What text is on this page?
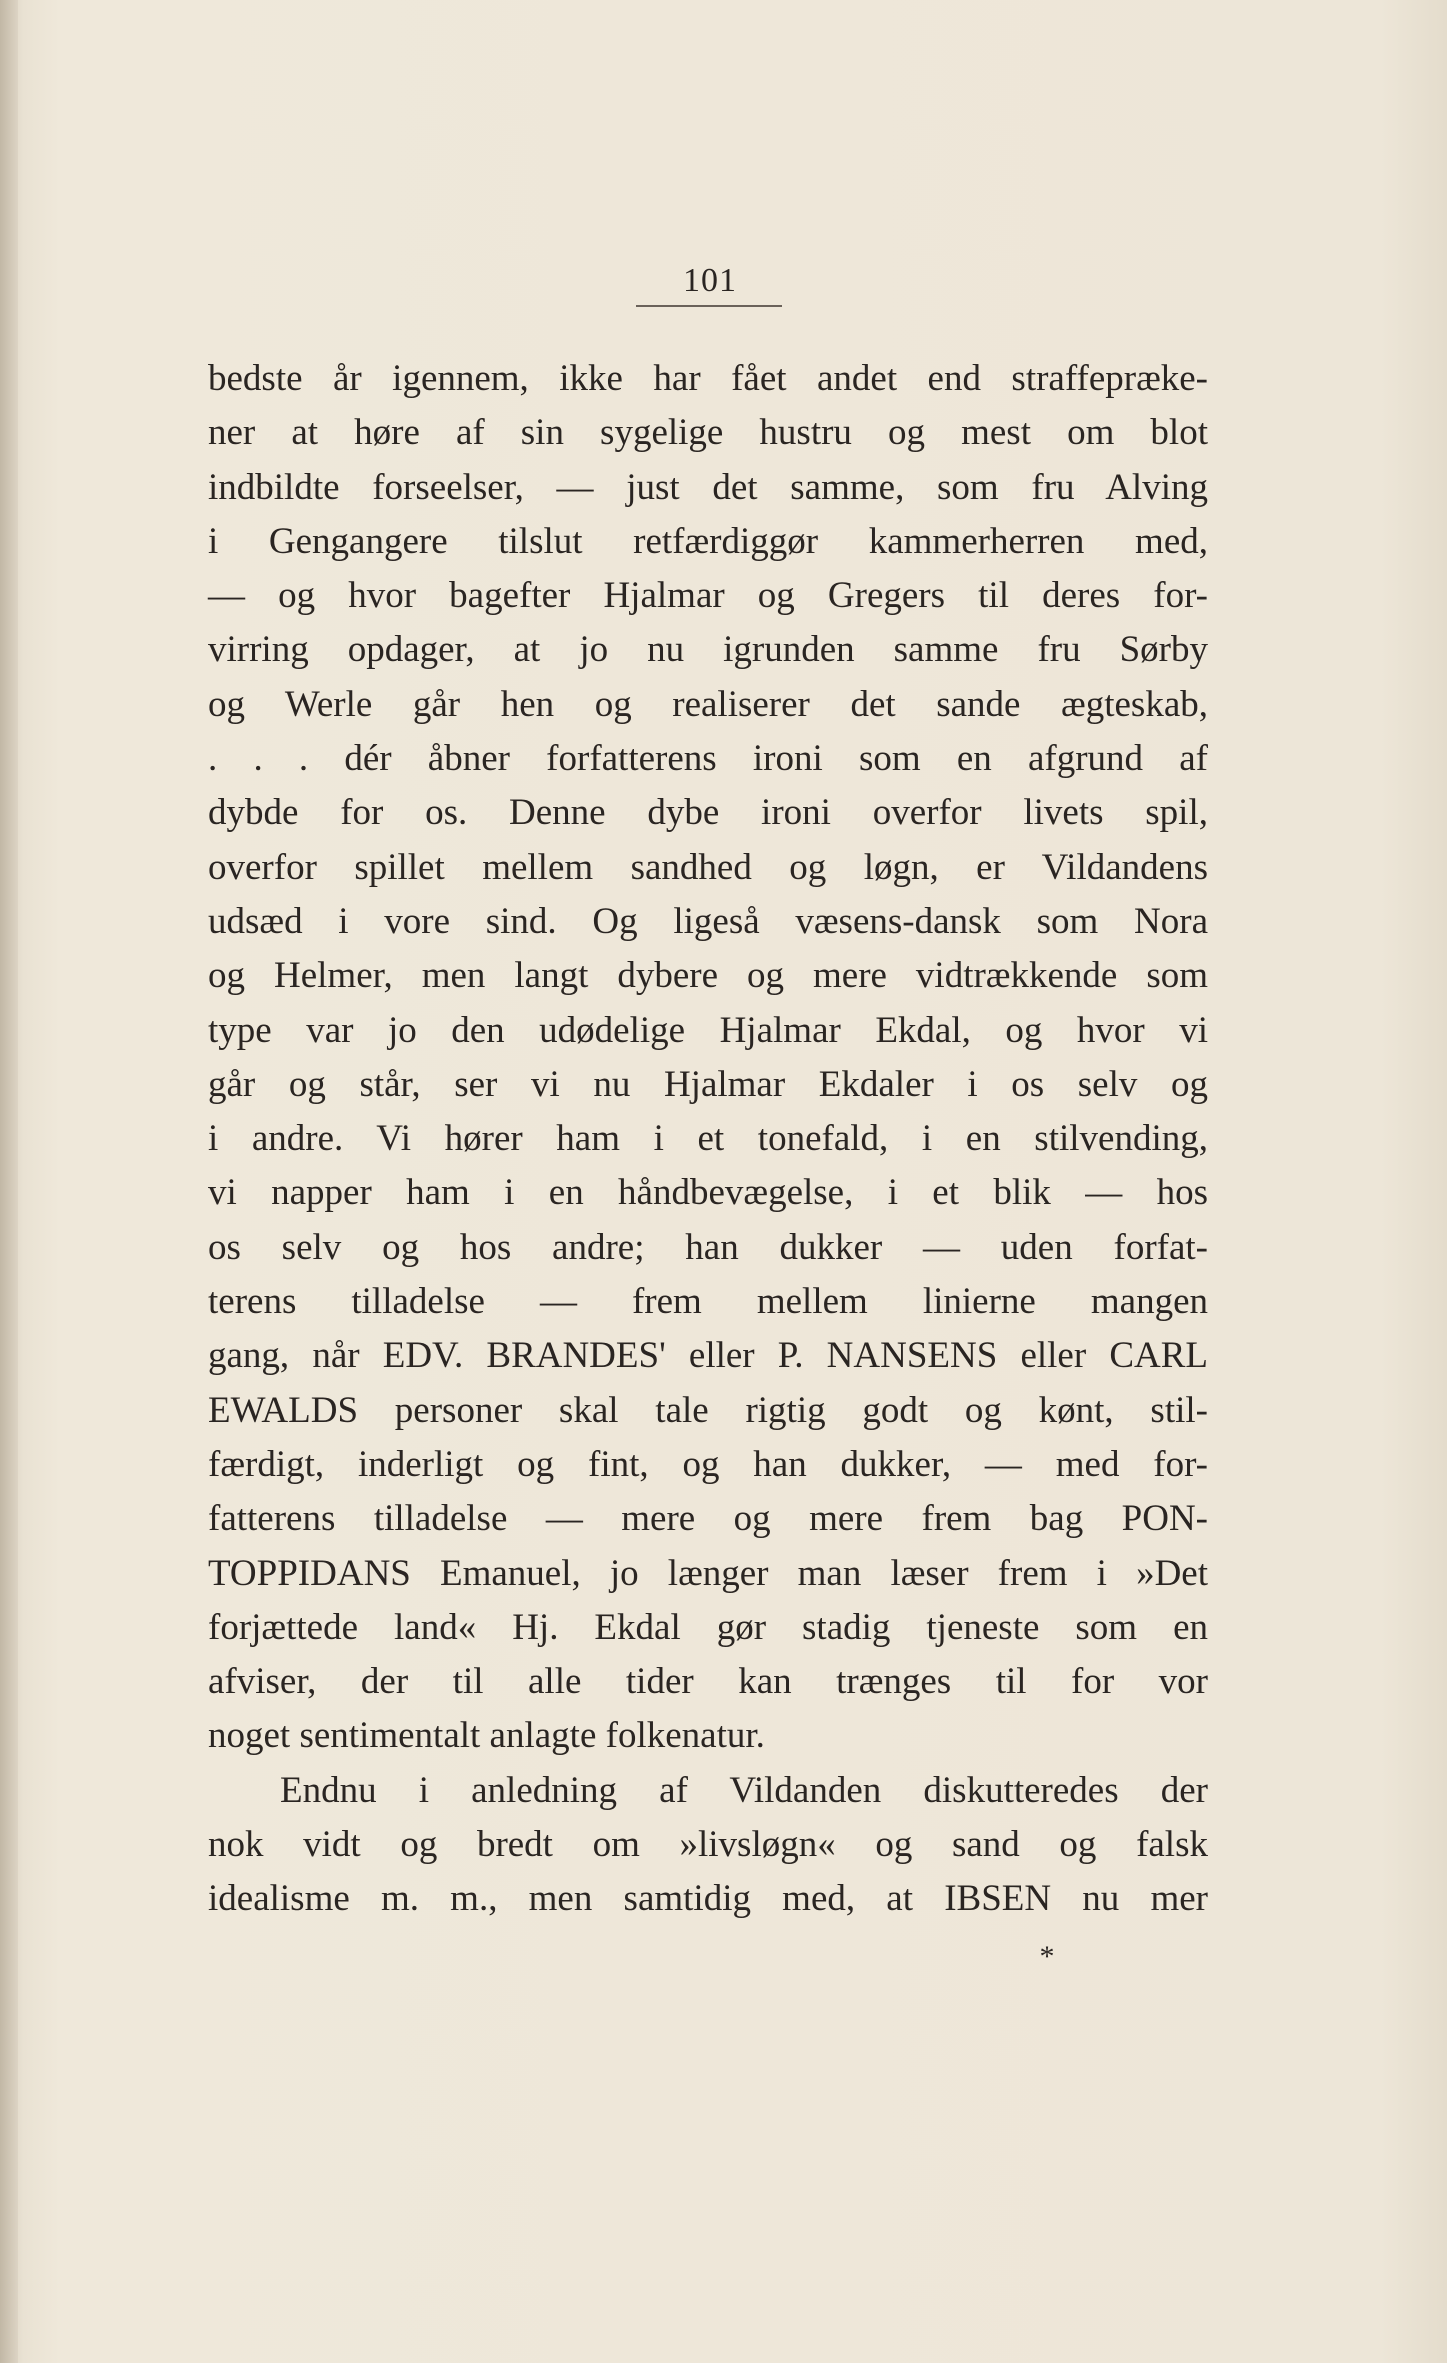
101
bedste år igennem, ikke har fået andet end straffepræke-
ner at høre af sin sygelige hustru og mest om blot
indbildte forseelser, — just det samme, som fru Alving
i Gengangere tilslut retfærdiggør kammerherren med,
— og hvor bagefter Hjalmar og Gregers til deres for-
virring opdager, at jo nu igrunden samme fru Sørby
og Werle går hen og realiserer det sande ægteskab,
. . . dér åbner forfatterens ironi som en afgrund af
dybde for os. Denne dybe ironi overfor livets spil,
overfor spillet mellem sandhed og løgn, er Vildandens
udsæd i vore sind. Og ligeså væsens-dansk som Nora
og Helmer, men langt dybere og mere vidtrækkende som
type var jo den udødelige Hjalmar Ekdal, og hvor vi
går og står, ser vi nu Hjalmar Ekdaler i os selv og
i andre. Vi hører ham i et tonefald, i en stilvending,
vi napper ham i en håndbevægelse, i et blik — hos
os selv og hos andre; han dukker — uden forfat-
terens tilladelse — frem mellem linierne mangen
gang, når EDV. BRANDES' eller P. NANSENS eller CARL
EWALDS personer skal tale rigtig godt og kønt, stil-
færdigt, inderligt og fint, og han dukker, — med for-
fatterens tilladelse — mere og mere frem bag PON-
TOPPIDANS Emanuel, jo længer man læser frem i »Det
forjættede land« Hj. Ekdal gør stadig tjeneste som en
afviser, der til alle tider kan trænges til for vor
noget sentimentalt anlagte folkenatur.
Endnu i anledning af Vildanden diskutteredes der
nok vidt og bredt om »livsløgn« og sand og falsk
idealisme m. m., men samtidig med, at IBSEN nu mer
*
